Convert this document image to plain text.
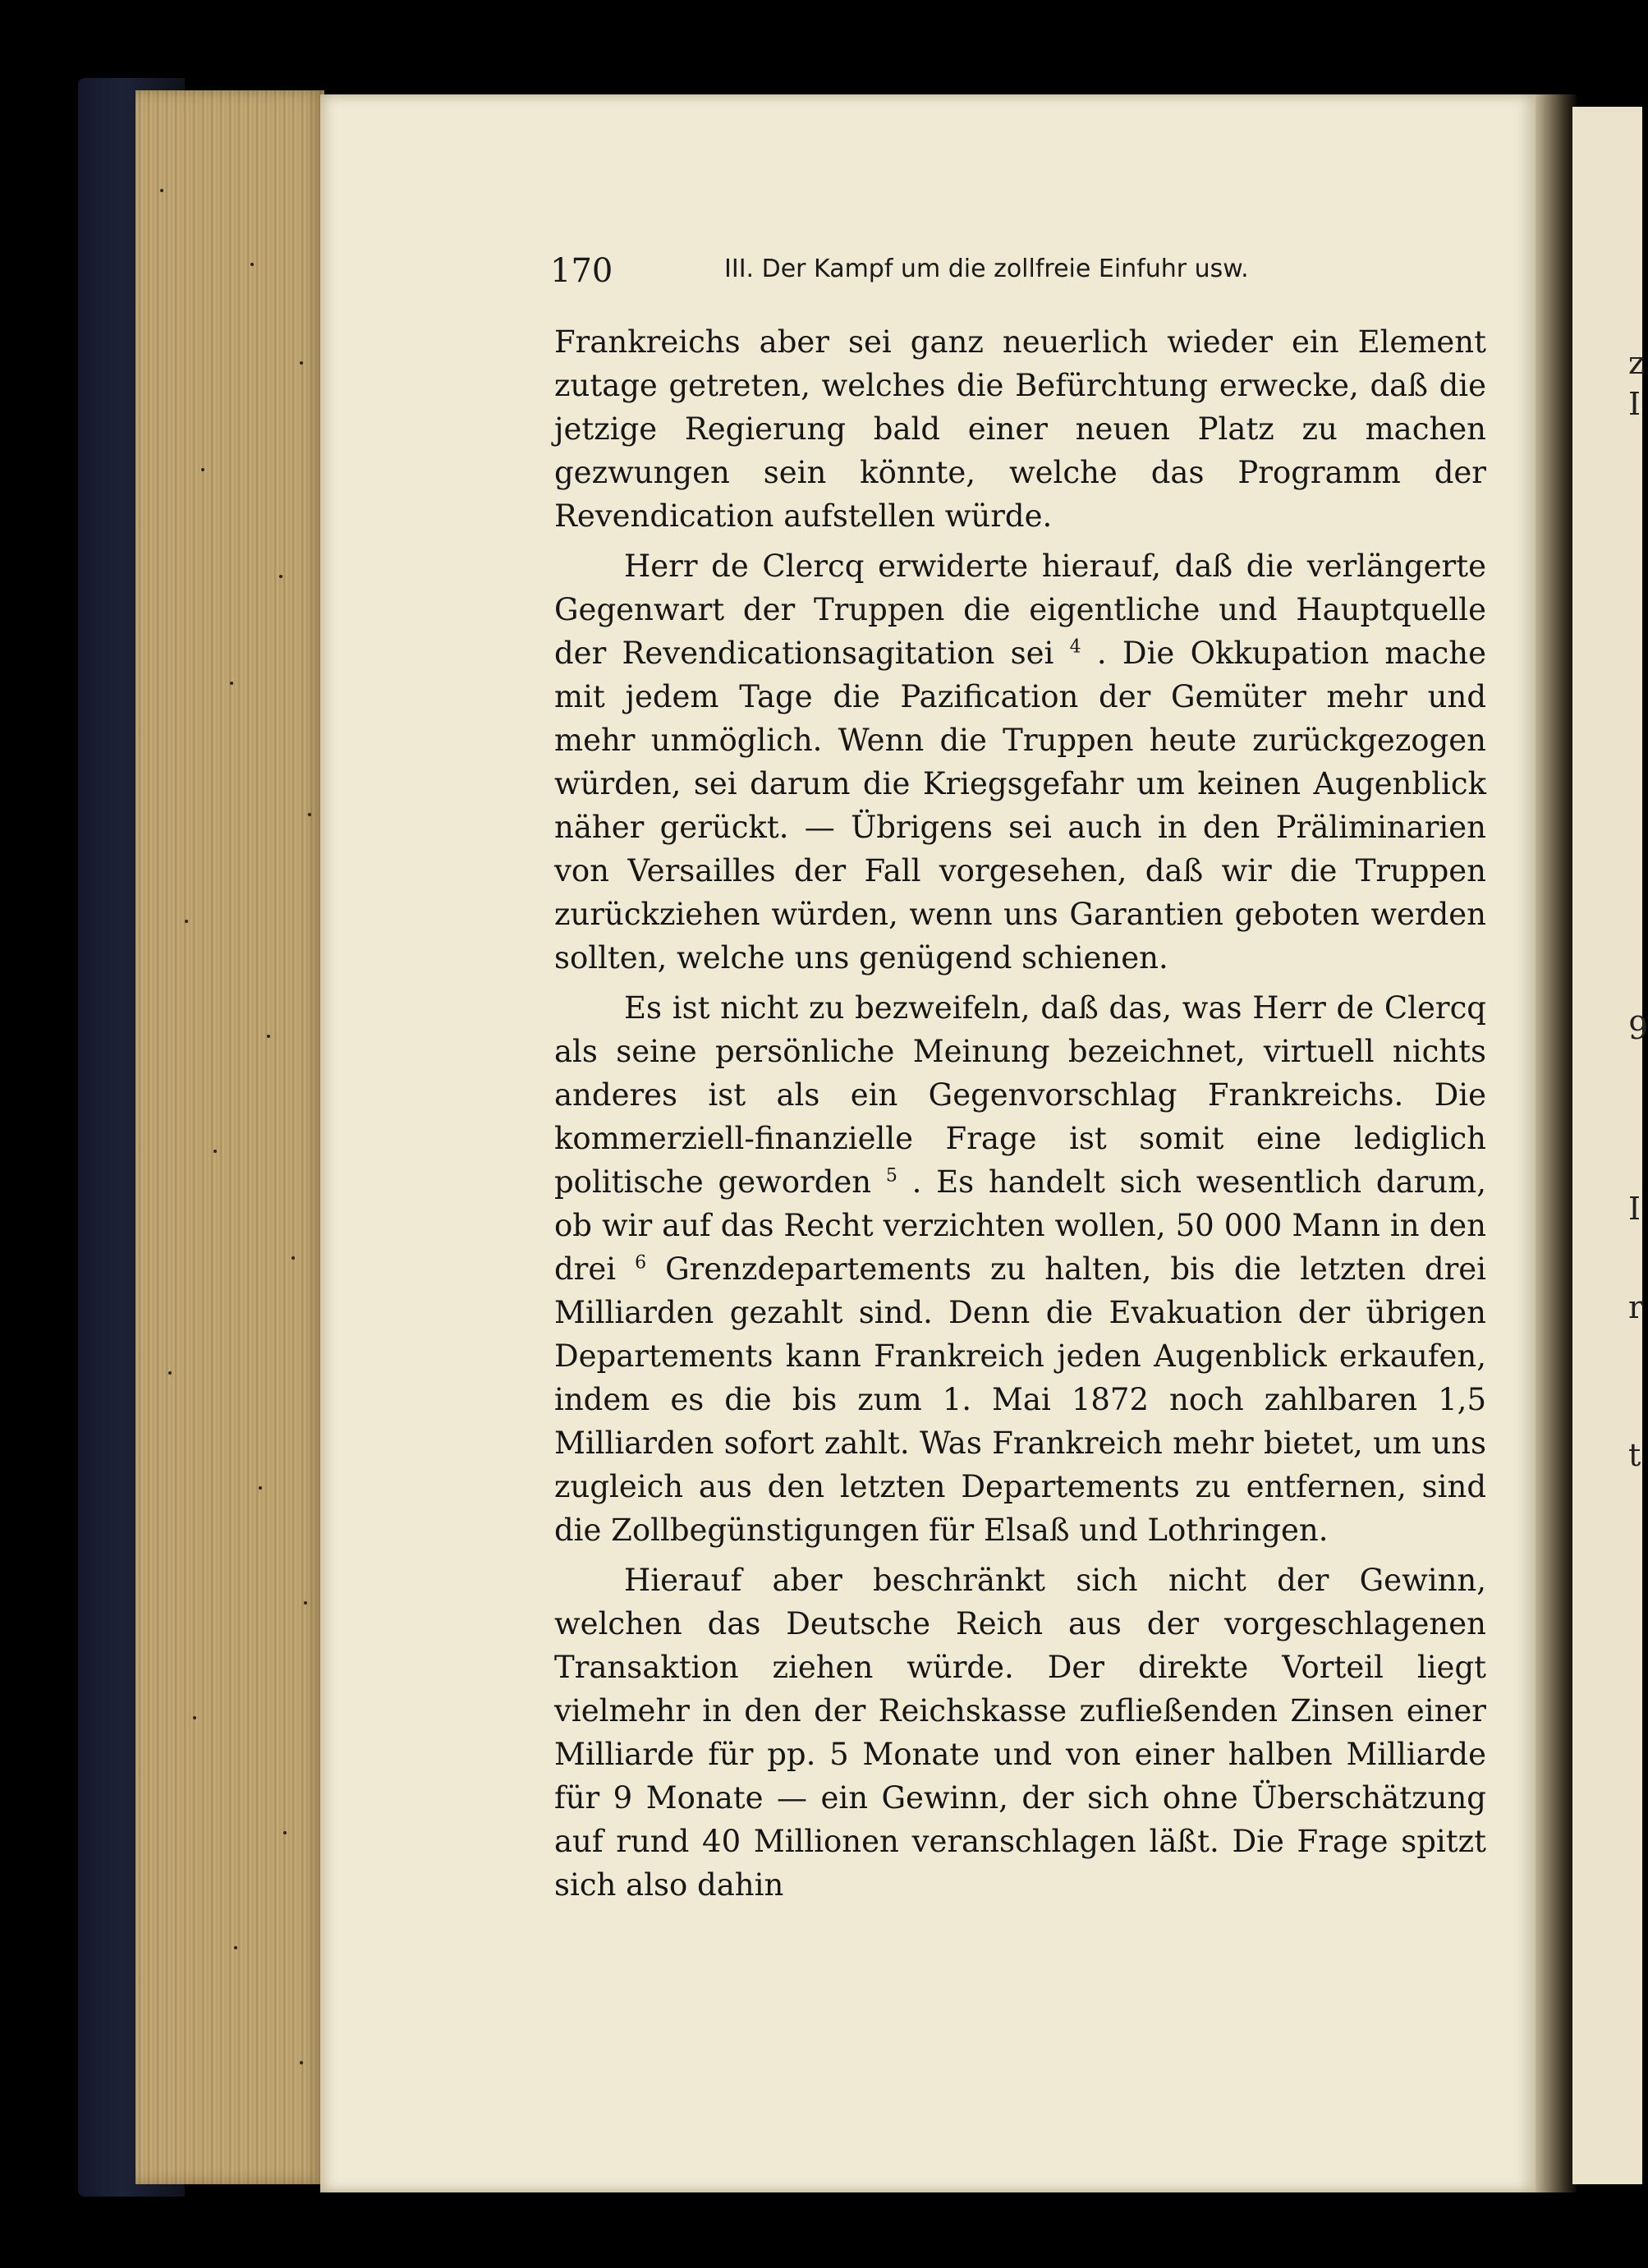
z
I
9
I
r
t
170	III. Der Kampf um die zollfreie Einfuhr usw.

Frankreichs aber sei ganz neuerlich wieder ein Element zutage getreten, welches die Befürchtung erwecke, daß die jetzige Regierung bald einer neuen Platz zu machen gezwungen sein könnte, welche das Programm der Revendication aufstellen würde.

Herr de Clercq erwiderte hierauf, daß die verlängerte Gegenwart der Truppen die eigentliche und Hauptquelle der Revendicationsagitation sei $^4$ . Die Okkupation mache mit jedem Tage die Pazification der Gemüter mehr und mehr unmöglich. Wenn die Truppen heute zurückgezogen würden, sei darum die Kriegsgefahr um keinen Augenblick näher gerückt. — Übrigens sei auch in den Präliminarien von Versailles der Fall vorgesehen, daß wir die Truppen zurückziehen würden, wenn uns Garantien geboten werden sollten, welche uns genügend schienen.

Es ist nicht zu bezweifeln, daß das, was Herr de Clercq als seine persönliche Meinung bezeichnet, virtuell nichts anderes ist als ein Gegenvorschlag Frankreichs. Die kommerziell-finanzielle Frage ist somit eine lediglich politische geworden $^5$ . Es handelt sich wesentlich darum, ob wir auf das Recht verzichten wollen, 50 000 Mann in den drei $^6$ Grenzdepartements zu halten, bis die letzten drei Milliarden gezahlt sind. Denn die Evakuation der übrigen Departements kann Frankreich jeden Augenblick erkaufen, indem es die bis zum 1. Mai 1872 noch zahlbaren 1,5 Milliarden sofort zahlt. Was Frankreich mehr bietet, um uns zugleich aus den letzten Departements zu entfernen, sind die Zollbegünstigungen für Elsaß und Lothringen.

Hierauf aber beschränkt sich nicht der Gewinn, welchen das Deutsche Reich aus der vorgeschlagenen Transaktion ziehen würde. Der direkte Vorteil liegt vielmehr in den der Reichskasse zufließenden Zinsen einer Milliarde für pp. 5 Monate und von einer halben Milliarde für 9 Monate — ein Gewinn, der sich ohne Überschätzung auf rund 40 Millionen veranschlagen läßt. Die Frage spitzt sich also dahin
